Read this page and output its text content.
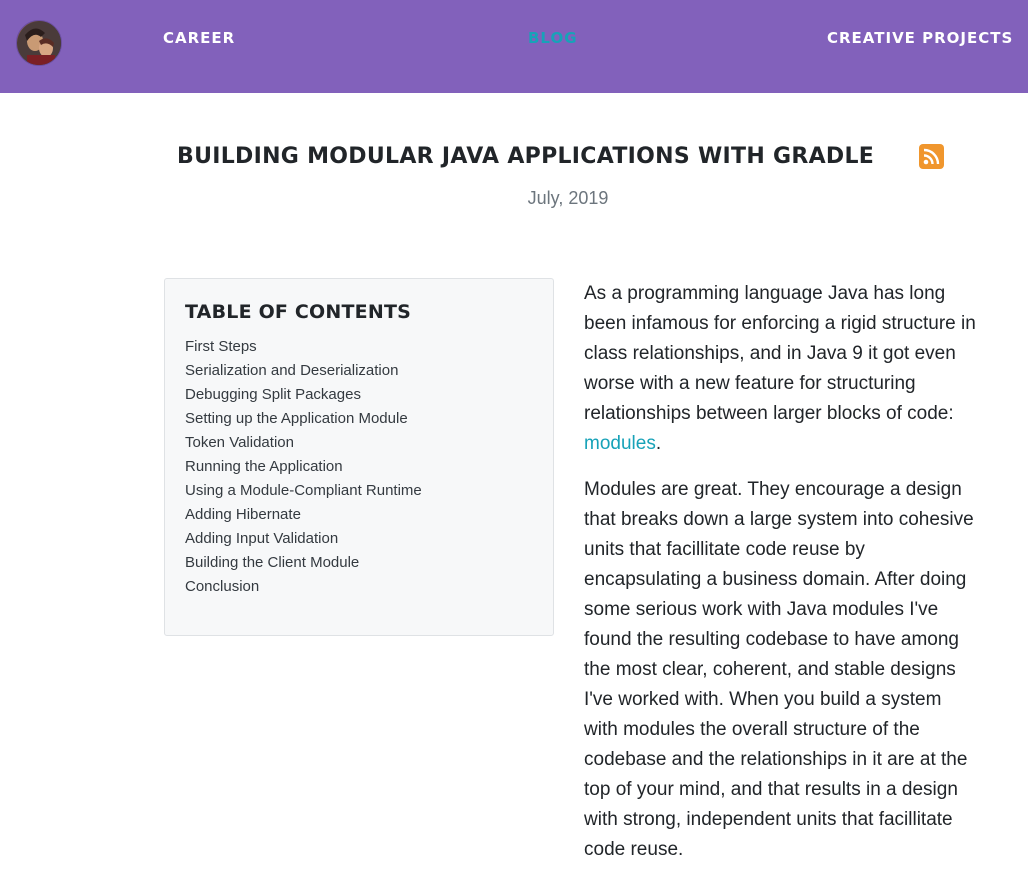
CAREER	BLOG	CREATIVE PROJECTS
BUILDING MODULAR JAVA APPLICATIONS WITH GRADLE
July, 2019
TABLE OF CONTENTS
First Steps
Serialization and Deserialization
Debugging Split Packages
Setting up the Application Module
Token Validation
Running the Application
Using a Module-Compliant Runtime
Adding Hibernate
Adding Input Validation
Building the Client Module
Conclusion

As a programming language Java has long been infamous for enforcing a rigid structure in class relationships, and in Java 9 it got even worse with a new feature for structuring relationships between larger blocks of code: modules.

Modules are great. They encourage a design that breaks down a large system into cohesive units that facillitate code reuse by encapsulating a business domain. After doing some serious work with Java modules I've found the resulting codebase to have among the most clear, coherent, and stable designs I've worked with. When you build a system with modules the overall structure of the codebase and the relationships in it are at the top of your mind, and that results in a design with strong, independent units that facillitate code reuse.
